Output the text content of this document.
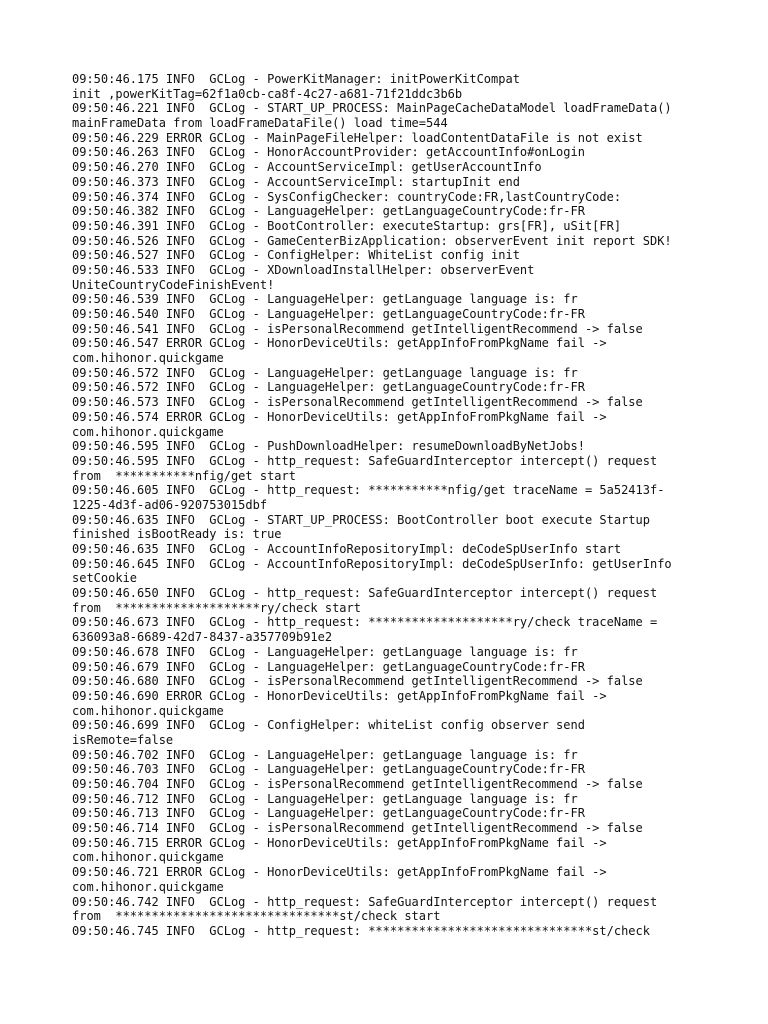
09:50:46.175 INFO  GCLog - PowerKitManager: initPowerKitCompat
init ,powerKitTag=62f1a0cb-ca8f-4c27-a681-71f21ddc3b6b
09:50:46.221 INFO  GCLog - START_UP_PROCESS: MainPageCacheDataModel loadFrameData()
mainFrameData from loadFrameDataFile() load time=544
09:50:46.229 ERROR GCLog - MainPageFileHelper: loadContentDataFile is not exist
09:50:46.263 INFO  GCLog - HonorAccountProvider: getAccountInfo#onLogin
09:50:46.270 INFO  GCLog - AccountServiceImpl: getUserAccountInfo
09:50:46.373 INFO  GCLog - AccountServiceImpl: startupInit end
09:50:46.374 INFO  GCLog - SysConfigChecker: countryCode:FR,lastCountryCode:
09:50:46.382 INFO  GCLog - LanguageHelper: getLanguageCountryCode:fr-FR
09:50:46.391 INFO  GCLog - BootController: executeStartup: grs[FR], uSit[FR]
09:50:46.526 INFO  GCLog - GameCenterBizApplication: observerEvent init report SDK!
09:50:46.527 INFO  GCLog - ConfigHelper: WhiteList config init
09:50:46.533 INFO  GCLog - XDownloadInstallHelper: observerEvent
UniteCountryCodeFinishEvent!
09:50:46.539 INFO  GCLog - LanguageHelper: getLanguage language is: fr
09:50:46.540 INFO  GCLog - LanguageHelper: getLanguageCountryCode:fr-FR
09:50:46.541 INFO  GCLog - isPersonalRecommend getIntelligentRecommend -> false
09:50:46.547 ERROR GCLog - HonorDeviceUtils: getAppInfoFromPkgName fail ->
com.hihonor.quickgame
09:50:46.572 INFO  GCLog - LanguageHelper: getLanguage language is: fr
09:50:46.572 INFO  GCLog - LanguageHelper: getLanguageCountryCode:fr-FR
09:50:46.573 INFO  GCLog - isPersonalRecommend getIntelligentRecommend -> false
09:50:46.574 ERROR GCLog - HonorDeviceUtils: getAppInfoFromPkgName fail ->
com.hihonor.quickgame
09:50:46.595 INFO  GCLog - PushDownloadHelper: resumeDownloadByNetJobs!
09:50:46.595 INFO  GCLog - http_request: SafeGuardInterceptor intercept() request
from  ***********nfig/get start
09:50:46.605 INFO  GCLog - http_request: ***********nfig/get traceName = 5a52413f-
1225-4d3f-ad06-920753015dbf
09:50:46.635 INFO  GCLog - START_UP_PROCESS: BootController boot execute Startup
finished isBootReady is: true
09:50:46.635 INFO  GCLog - AccountInfoRepositoryImpl: deCodeSpUserInfo start
09:50:46.645 INFO  GCLog - AccountInfoRepositoryImpl: deCodeSpUserInfo: getUserInfo
setCookie
09:50:46.650 INFO  GCLog - http_request: SafeGuardInterceptor intercept() request
from  ********************ry/check start
09:50:46.673 INFO  GCLog - http_request: ********************ry/check traceName =
636093a8-6689-42d7-8437-a357709b91e2
09:50:46.678 INFO  GCLog - LanguageHelper: getLanguage language is: fr
09:50:46.679 INFO  GCLog - LanguageHelper: getLanguageCountryCode:fr-FR
09:50:46.680 INFO  GCLog - isPersonalRecommend getIntelligentRecommend -> false
09:50:46.690 ERROR GCLog - HonorDeviceUtils: getAppInfoFromPkgName fail ->
com.hihonor.quickgame
09:50:46.699 INFO  GCLog - ConfigHelper: whiteList config observer send
isRemote=false
09:50:46.702 INFO  GCLog - LanguageHelper: getLanguage language is: fr
09:50:46.703 INFO  GCLog - LanguageHelper: getLanguageCountryCode:fr-FR
09:50:46.704 INFO  GCLog - isPersonalRecommend getIntelligentRecommend -> false
09:50:46.712 INFO  GCLog - LanguageHelper: getLanguage language is: fr
09:50:46.713 INFO  GCLog - LanguageHelper: getLanguageCountryCode:fr-FR
09:50:46.714 INFO  GCLog - isPersonalRecommend getIntelligentRecommend -> false
09:50:46.715 ERROR GCLog - HonorDeviceUtils: getAppInfoFromPkgName fail ->
com.hihonor.quickgame
09:50:46.721 ERROR GCLog - HonorDeviceUtils: getAppInfoFromPkgName fail ->
com.hihonor.quickgame
09:50:46.742 INFO  GCLog - http_request: SafeGuardInterceptor intercept() request
from  *******************************st/check start
09:50:46.745 INFO  GCLog - http_request: *******************************st/check
